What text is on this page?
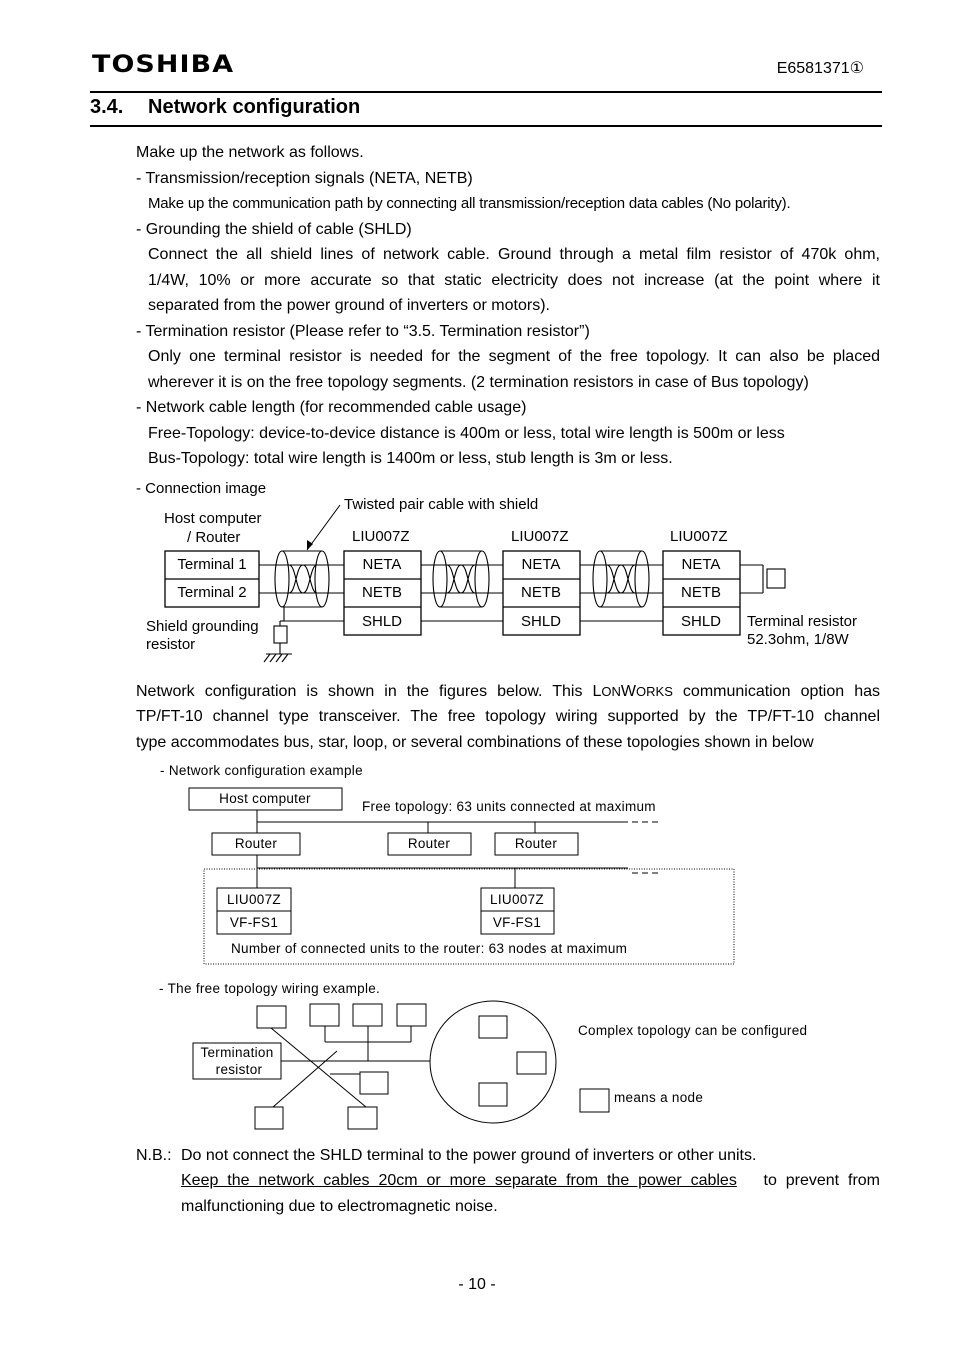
TOSHIBA	E6581371①
3.4. Network configuration
Make up the network as follows.
- Transmission/reception signals (NETA, NETB)
Make up the communication path by connecting all transmission/reception data cables (No polarity).
- Grounding the shield of cable (SHLD)
Connect the all shield lines of network cable. Ground through a metal film resistor of 470k ohm,
1/4W, 10% or more accurate so that static electricity does not increase (at the point where it
separated from the power ground of inverters or motors).
- Termination resistor (Please refer to “3.5. Termination resistor”)
Only one terminal resistor is needed for the segment of the free topology. It can also be placed
wherever it is on the free topology segments. (2 termination resistors in case of Bus topology)
- Network cable length (for recommended cable usage)
Free-Topology: device-to-device distance is 400m or less, total wire length is 500m or less
Bus-Topology: total wire length is 1400m or less, stub length is 3m or less.
- Connection image
Twisted pair cable with shield
Host computer
/ Router	LIU007Z	LIU007Z	LIU007Z
Terminal 1
Terminal 2
NETA
NETB
SHLD
NETA
NETB
SHLD
NETA
NETB
SHLD
Shield grounding
resistor
Terminal resistor
52.3ohm, 1/8W
Network configuration is shown in the figures below. This LONWORKS communication option has
TP/FT-10 channel type transceiver. The free topology wiring supported by the TP/FT-10 channel
type accommodates bus, star, loop, or several combinations of these topologies shown in below
- Network configuration example
Host computer
Router	Router	Router
LIU007Z
VF-FS1
LIU007Z
VF-FS1
Free topology: 63 units connected at maximum
Number of connected units to the router: 63 nodes at maximum
- The free topology wiring example.
Termination
resistor
Complex topology can be configured
means a node
N.B.: Do not connect the SHLD terminal to the power ground of inverters or other units.
Keep  the  network  cables  20cm  or  more  separate  from  the  power  cables to  prevent  from
malfunctioning due to electromagnetic noise.
- 10 -
